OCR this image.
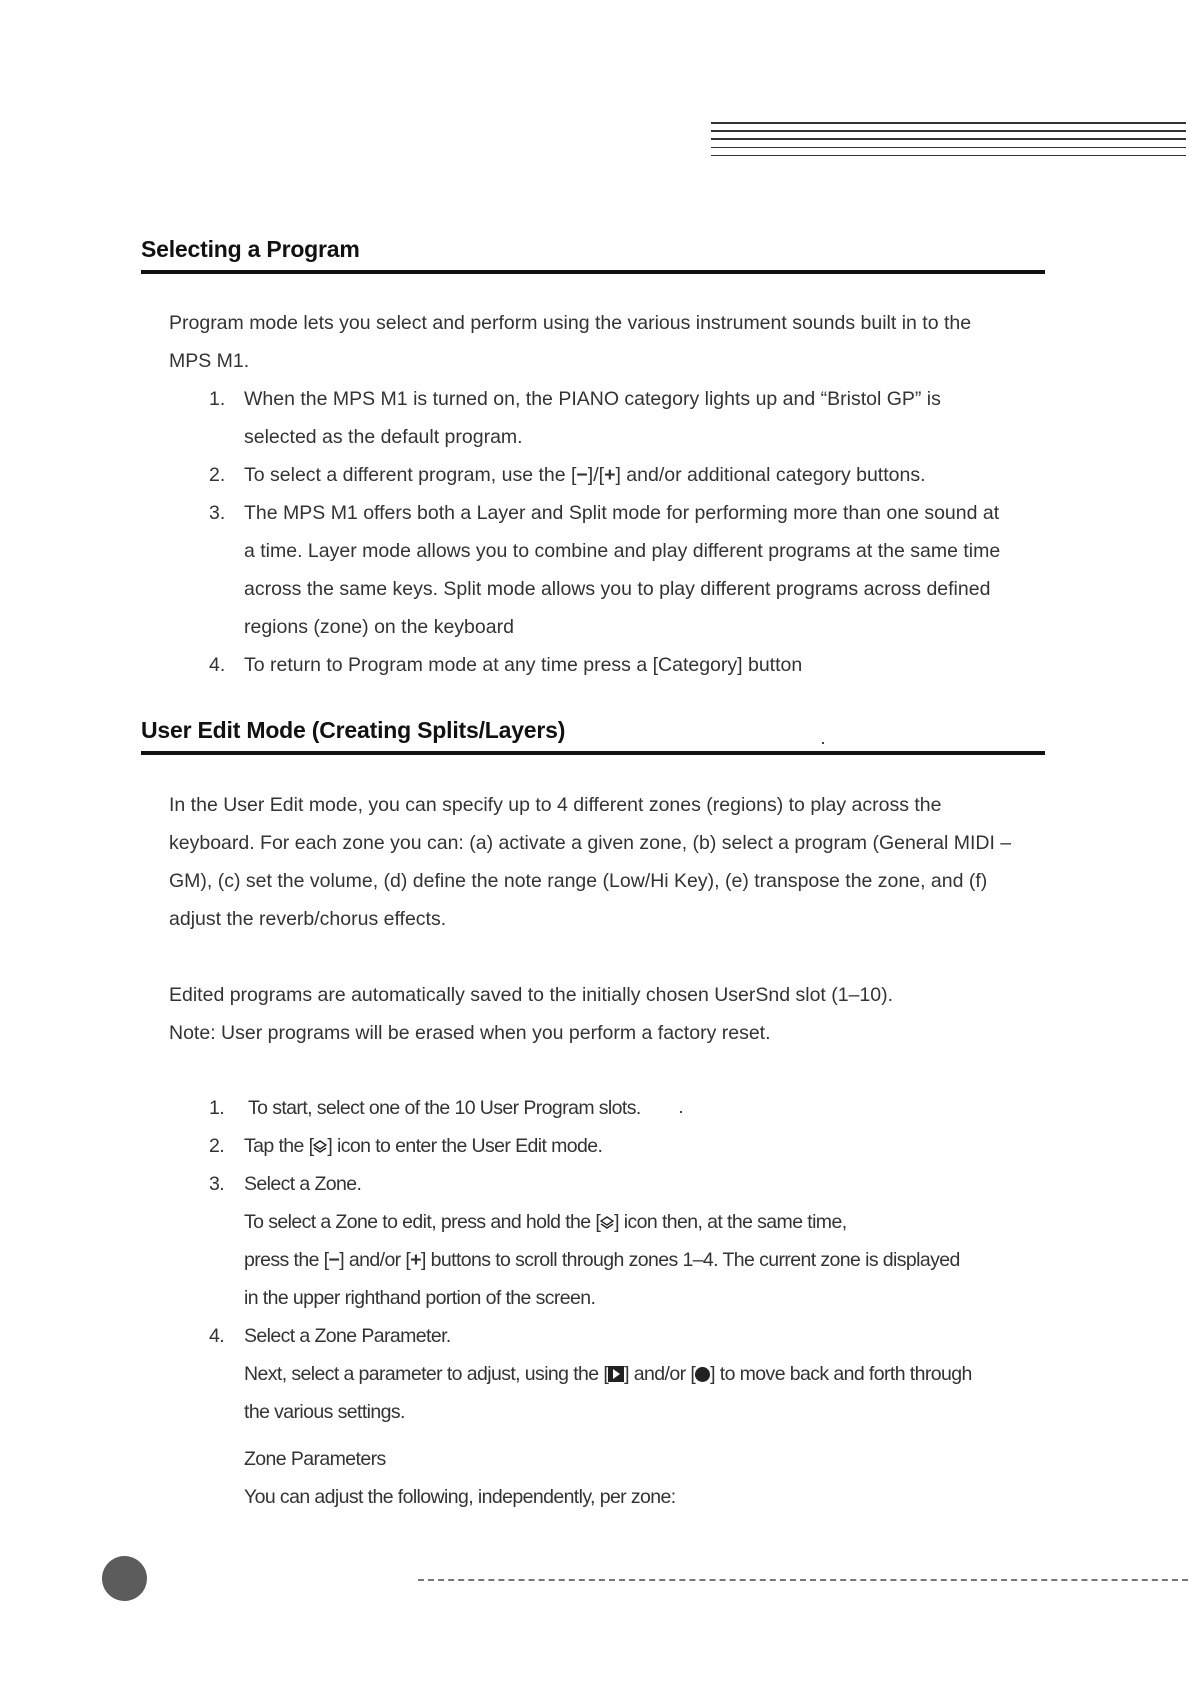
Selecting a Program

Program mode lets you select and perform using the various instrument sounds built in to the

MPS M1.

1. When the MPS M1 is turned on, the PIANO category lights up and “Bristol GP” is
selected as the default program.
2. To select a different program, use the [−]/[+] and/or additional category buttons.
3. The MPS M1 offers both a Layer and Split mode for performing more than one sound at
a time. Layer mode allows you to combine and play different programs at the same time
across the same keys. Split mode allows you to play different programs across defined
regions (zone) on the keyboard
4. To return to Program mode at any time press a [Category] button
User Edit Mode (Creating Splits/Layers)

In the User Edit mode, you can specify up to 4 different zones (regions) to play across the

keyboard. For each zone you can: (a) activate a given zone, (b) select a program (General MIDI –

GM), (c) set the volume, (d) define the note range (Low/Hi Key), (e) transpose the zone, and (f)

adjust the reverb/chorus effects.

Edited programs are automatically saved to the initially chosen UserSnd slot (1–10).

Note: User programs will be erased when you perform a factory reset.

1. To start, select one of the 10 User Program slots.
2. Tap the [ ] icon to enter the User Edit mode.
3. Select a Zone.
To select a Zone to edit, press and hold the [ ] icon then, at the same time,
press the [−] and/or [+] buttons to scroll through zones 1–4. The current zone is displayed
in the upper righthand portion of the screen.
4. Select a Zone Parameter.
Next, select a parameter to adjust, using the [ ] and/or [ ] to move back and forth through
the various settings.
Zone Parameters
You can adjust the following, independently, per zone:
